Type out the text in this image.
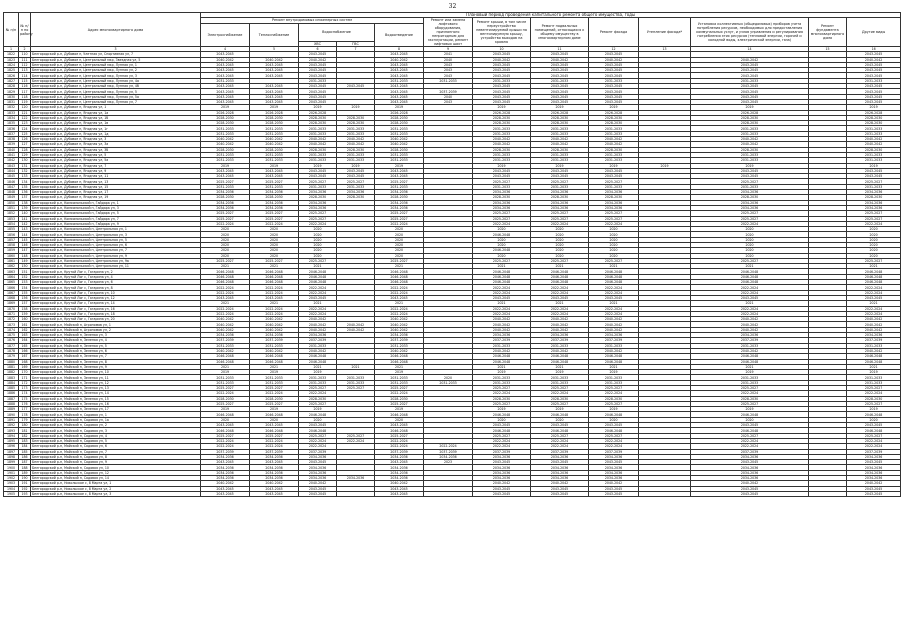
32
№ п/п	№ п/п по району	Адрес многоквартирного дома	Плановый период проведения капитального ремонта общего имущества, годы												
			Ремонт внутридомовых инженерных систем					Ремонт или замена лифтового оборудования, признанного непригодным для эксплуатации, ремонт лифтовых шахт	Ремонт крыши, в том числе переустройство невентилируемой крыши на вентилируемую крышу, устройство выходов на кровлю	Ремонт подвальных помещений, относящихся к общему имуществу в многоквартирном доме	Ремонт фасада	Утепление фасада*	Установка коллективных (общедомовых) приборов учета потребления ресурсов, необходимых для предоставления коммунальных услуг, и узлов управления и регулирования потребления этих ресурсов (тепловой энергии, горячей и холодной воды, электрической энергии, газа)	Ремонт фундамента многоквартирного дома	Другие виды
			Электроснабжение	Теплоснабжение	Водоснабжение		Водоотведение								
					ХВС	ГВС									
1	2	3	4	5	6	7	8	9	10	11	12	13	14	15	16
1822	110	Белгородский р-н, Дубовое п, Улетная ул, Спортивная ул, 7	2043-2045		2043-2045		2043-2045	2041	2043-2045	2043-2045	2043-2045				2043-2045
1823	111	Белгородский р-н, Дубовое п, Центральный мкр, Звездная ул, 5	2040-2042	2040-2042	2040-2042		2040-2042	2040	2040-2042	2040-2042	2040-2042		2040-2042		2040-2042
1824	112	Белгородский р-н, Дубовое п, Центральный мкр, Лунная ул, 1	2043-2045	2043-2045	2043-2045		2043-2045	2043	2043-2045	2043-2045	2043-2045		2043-2045		2043-2045
1825	113	Белгородский р-н, Дубовое п, Центральный мкр, Лунная ул, 2	2043-2045	2043-2045	2043-2045		2043-2045	2043	2043-2045	2043-2045	2043-2045		2043-2045		2043-2045
1826	114	Белгородский р-н, Дубовое п, Центральный мкр, Лунная ул, 3	2043-2045	2043-2045	2043-2045		2043-2045	2043	2043-2045	2043-2045	2043-2045		2043-2045		2043-2045
1827	115	Белгородский р-н, Дубовое п, Центральный мкр, Лунная ул, 4а	2031-2033		2031-2033		2031-2033	2031-2033	2031-2033	2031-2033	2031-2033		2031-2033		2031-2033
1828	116	Белгородский р-н, Дубовое п, Центральный мкр, Лунная ул, 4б	2043-2045	2043-2045	2043-2045	2043-2045	2043-2045		2043-2045	2043-2045	2043-2045		2043-2045		2043-2045
1829	117	Белгородский р-н, Дубовое п, Центральный мкр, Лунная ул, 5	2043-2045	2043-2045	2043-2045		2043-2045	2037-2039	2043-2045	2043-2045	2043-2045		2043-2045		2043-2045
1830	118	Белгородский р-н, Дубовое п, Центральный мкр, Лунная ул, 5а	2043-2045	2043-2045	2043-2045		2043-2045	2040	2043-2045	2043-2045	2043-2045		2043-2045		2043-2045
1831	119	Белгородский р-н, Дубовое п, Центральный мкр, Лунная ул, 7	2043-2045	2043-2045	2043-2045		2043-2045	2043	2043-2045	2043-2045	2043-2045		2043-2045		2043-2045
1832	120	Белгородский р-н, Дубовое п, Ягодная ул, 1	2019	2019	2019	2019	2019		2019	2019	2019		2019		2019
1833	121	Белгородский р-н, Дубовое п, Ягодная ул, 1а	2026-2028	2026-2028	2026-2028		2026-2028		2026-2028	2026-2028	2026-2028		2026-2028		2026-2028
1834	122	Белгородский р-н, Дубовое п, Ягодная ул, 1б	2028-2030	2028-2030	2028-2030	2028-2030	2028-2030		2028-2030	2028-2030	2028-2030		2028-2030		2028-2030
1835	123	Белгородский р-н, Дубовое п, Ягодная ул, 1в	2028-2030	2028-2030	2028-2030	2028-2030	2028-2030		2028-2030	2028-2030	2028-2030		2028-2030		2028-2030
1836	124	Белгородский р-н, Дубовое п, Ягодная ул, 1г	2031-2033	2031-2033	2031-2033	2031-2033	2031-2033		2031-2033	2031-2033	2031-2033		2031-2033		2031-2033
1837	125	Белгородский р-н, Дубовое п, Ягодная ул, 1д	2031-2033	2031-2033	2031-2033	2031-2033	2031-2033		2031-2033	2031-2033	2031-2033		2031-2033		2031-2033
1838	126	Белгородский р-н, Дубовое п, Ягодная ул, 3	2040-2042	2040-2042	2040-2042	2040-2042	2040-2042		2040-2042	2040-2042	2040-2042		2040-2042		2040-2042
1839	127	Белгородский р-н, Дубовое п, Ягодная ул, 3а	2040-2042	2040-2042	2040-2042	2040-2042	2040-2042		2040-2042	2040-2042	2040-2042		2040-2042		2040-2042
1840	128	Белгородский р-н, Дубовое п, Ягодная ул, 3б	2028-2030	2028-2030	2028-2030	2028-2030	2028-2030		2028-2030	2028-2030	2028-2030		2028-2030		2028-2030
1841	129	Белгородский р-н, Дубовое п, Ягодная ул, 5	2031-2033	2031-2033	2031-2033	2031-2033	2031-2033		2031-2033	2031-2033	2031-2033		2031-2033		2031-2033
1842	130	Белгородский р-н, Дубовое п, Ягодная ул, 5а	2031-2033	2031-2033	2031-2033	2031-2033	2031-2033		2031-2033	2031-2033	2031-2033		2031-2033		2031-2033
1843	131	Белгородский р-н, Дубовое п, Ягодная ул, 7	2019	2019	2019	2019	2019		2019	2019	2019	2019	2019		2019
1844	132	Белгородский р-н, Дубовое п, Ягодная ул, 9	2043-2045	2043-2045	2043-2045	2043-2045	2043-2045		2043-2045	2043-2045	2043-2045		2043-2045		2043-2045
1845	133	Белгородский р-н, Дубовое п, Ягодная ул, 11	2043-2045	2043-2045	2043-2045	2043-2045	2043-2045		2043-2045	2043-2045	2043-2045		2043-2045		2043-2045
1846	134	Белгородский р-н, Дубовое п, Ягодная ул, 13	2025-2027	2025-2027	2025-2027	2025-2027	2025-2027		2025-2027	2025-2027	2025-2027		2025-2027		2025-2027
1847	135	Белгородский р-н, Дубовое п, Ягодная ул, 15	2031-2033	2031-2033	2031-2033	2031-2033	2031-2033		2031-2033	2031-2033	2031-2033		2031-2033		2031-2033
1848	136	Белгородский р-н, Дубовое п, Ягодная ул, 17	2034-2036	2034-2036	2034-2036	2034-2036	2034-2036		2034-2036	2034-2036	2034-2036		2034-2036		2034-2036
1849	137	Белгородский р-н, Дубовое п, Ягодная ул, 19	2028-2030	2028-2030	2028-2030	2028-2030	2028-2030		2028-2030	2028-2030	2028-2030		2028-2030		2028-2030
1850	138	Белгородский р-н, Комсомольский п, Гайдара ул, 1	2034-2036	2034-2036	2034-2036		2034-2036		2034-2036	2034-2036	2034-2036		2034-2036		2034-2036
1851	139	Белгородский р-н, Комсомольский п, Гайдара ул, 3	2034-2036	2034-2036	2034-2036		2034-2036		2034-2036	2034-2036	2034-2036		2034-2036		2034-2036
1852	140	Белгородский р-н, Комсомольский п, Гайдара ул, 5	2025-2027	2025-2027	2025-2027		2025-2027		2025-2027	2025-2027	2025-2027		2025-2027		2025-2027
1853	141	Белгородский р-н, Комсомольский п, Гайдара ул, 7	2025-2027	2025-2027	2025-2027		2025-2027		2025-2027	2025-2027	2025-2027		2025-2027		2025-2027
1854	142	Белгородский р-н, Комсомольский п, Гайдара ул, 9	2022-2024	2022-2024	2022-2024		2022-2024		2022-2024	2022-2024	2022-2024		2022-2024		2022-2024
1855	143	Белгородский р-н, Комсомольский п, Центральная ул, 1	2020	2020	2020		2020		2020	2020	2020		2020		2020
1856	144	Белгородский р-н, Комсомольский п, Центральная ул, 3	2020	2020	2020		2020		2046-2048	2020	2020		2020		2020
1857	145	Белгородский р-н, Комсомольский п, Центральная ул, 5	2020	2020	2020		2020		2020	2020	2020		2020		2020
1858	146	Белгородский р-н, Комсомольский п, Центральная ул, 6	2020	2020	2020		2020		2020	2020	2020		2020		2020
1859	147	Белгородский р-н, Комсомольский п, Центральная ул, 7	2020	2020	2020		2020		2046-2048	2020	2020		2020		2020
1860	148	Белгородский р-н, Комсомольский п, Центральная ул, 9	2020	2020	2020		2020		2020	2020	2020		2020		2020
1861	149	Белгородский р-н, Комсомольский п, Центральная ул, 9а	2025-2027	2025-2027	2025-2027		2025-2027		2025-2027	2025-2027	2025-2027		2025-2027		2025-2027
1862	150	Белгородский р-н, Комсомольский п, Центральная ул, 11	2021	2021	2021		2021		2021	2021	2021		2021		2021
1863	151	Белгородский р-н, Крутой Лог с, Гагарина ул, 2	2046-2048	2046-2048	2046-2048		2046-2048		2046-2048	2046-2048	2046-2048		2046-2048		2046-2048
1864	152	Белгородский р-н, Крутой Лог с, Гагарина ул, 4	2046-2048	2046-2048	2046-2048		2046-2048		2046-2048	2046-2048	2046-2048		2046-2048		2046-2048
1865	153	Белгородский р-н, Крутой Лог с, Гагарина ул, 6	2046-2048	2046-2048	2046-2048		2046-2048		2046-2048	2046-2048	2046-2048		2046-2048		2046-2048
1866	154	Белгородский р-н, Крутой Лог с, Гагарина ул, 8	2022-2024	2022-2024	2022-2024		2022-2024		2022-2024	2022-2024	2022-2024		2022-2024		2022-2024
1867	155	Белгородский р-н, Крутой Лог с, Гагарина ул, 10	2022-2024	2022-2024	2022-2024		2022-2024		2022-2024	2022-2024	2022-2024		2022-2024		2022-2024
1868	156	Белгородский р-н, Крутой Лог с, Гагарина ул, 12	2043-2045	2043-2045	2043-2045		2043-2045		2043-2045	2043-2045	2043-2045		2043-2045		2043-2045
1869	157	Белгородский р-н, Крутой Лог с, Гагарина ул, 14	2021	2021	2021		2021		2021	2021	2021		2021		2021
1870	158	Белгородский р-н, Крутой Лог с, Гагарина ул, 16	2022-2024	2022-2024	2022-2024		2022-2024		2022-2024	2022-2024	2022-2024		2022-2024		2022-2024
1871	159	Белгородский р-н, Крутой Лог с, Гагарина ул, 18	2022-2024	2022-2024	2022-2024		2022-2024		2022-2024	2022-2024	2022-2024		2022-2024		2022-2024
1872	160	Белгородский р-н, Крутой Лог с, Гагарина ул, 20	2040-2042	2040-2042	2040-2042		2040-2042		2040-2042	2040-2042	2040-2042		2040-2042		2040-2042
1873	161	Белгородский р-н, Майский п, Агрономов ул, 1	2040-2042	2040-2042	2040-2042	2040-2042	2040-2042		2040-2042	2040-2042	2040-2042		2040-2042		2040-2042
1874	162	Белгородский р-н, Майский п, Агрономов ул, 2	2040-2042	2040-2042	2040-2042	2040-2042	2040-2042		2040-2042	2040-2042	2040-2042		2040-2042		2040-2042
1875	163	Белгородский р-н, Майский п, Зеленая ул, 3	2034-2036	2034-2036	2034-2036		2034-2036		2034-2036	2034-2036	2034-2036		2034-2036		2034-2036
1876	164	Белгородский р-н, Майский п, Зеленая ул, 4	2037-2039	2037-2039	2037-2039		2037-2039		2037-2039	2037-2039	2037-2039		2037-2039		2037-2039
1877	165	Белгородский р-н, Майский п, Зеленая ул, 5	2031-2033	2031-2033	2031-2033		2031-2033		2031-2033	2031-2033	2031-2033		2031-2033		2031-2033
1878	166	Белгородский р-н, Майский п, Зеленая ул, 6	2040-2042	2040-2042	2040-2042		2040-2042		2040-2042	2040-2042	2040-2042		2040-2042		2040-2042
1879	167	Белгородский р-н, Майский п, Зеленая ул, 7	2046-2048	2046-2048	2046-2048		2046-2048		2046-2048	2046-2048	2046-2048		2046-2048		2046-2048
1880	168	Белгородский р-н, Майский п, Зеленая ул, 8	2046-2048	2046-2048	2046-2048		2046-2048		2046-2048	2046-2048	2046-2048		2046-2048		2046-2048
1881	169	Белгородский р-н, Майский п, Зеленая ул, 9	2021	2021	2021	2021	2021		2021	2021	2021		2021		2021
1882	170	Белгородский р-н, Майский п, Зеленая ул, 10	2019	2019	2019		2019		2019	2019	2019		2019		2019
1883	171	Белгородский р-н, Майский п, Зеленая ул, 11	2031-2033	2031-2033	2031-2033	2031-2033	2031-2033	2020	2031-2033	2031-2033	2031-2033		2031-2033		2031-2033
1884	172	Белгородский р-н, Майский п, Зеленая ул, 12	2031-2033	2031-2033	2031-2033	2031-2033	2031-2033	2031-2033	2031-2033	2031-2033	2031-2033		2031-2033		2031-2033
1885	173	Белгородский р-н, Майский п, Зеленая ул, 13	2025-2027	2025-2027	2025-2027	2025-2027	2025-2027		2025-2027	2025-2027	2025-2027		2025-2027		2025-2027
1886	174	Белгородский р-н, Майский п, Зеленая ул, 14	2022-2024	2022-2024	2022-2024		2022-2024		2022-2024	2022-2024	2022-2024		2022-2024		2022-2024
1887	175	Белгородский р-н, Майский п, Зеленая ул, 15	2028-2030	2028-2030	2028-2030		2028-2030		2028-2030	2028-2030	2028-2030		2028-2030		2028-2030
1888	176	Белгородский р-н, Майский п, Зеленая ул, 16	2025-2027	2025-2027	2025-2027		2025-2027		2025-2027	2025-2027	2025-2027		2025-2027		2025-2027
1889	177	Белгородский р-н, Майский п, Зеленая ул, 17	2019	2019	2019		2019		2019	2019	2019		2019		2019
1890	178	Белгородский р-н, Майский п, Садовая ул, 1	2046-2048	2046-2048	2046-2048		2046-2048		2046-2048	2046-2048	2046-2048		2046-2048		2046-2048
1891	179	Белгородский р-н, Майский п, Садовая ул, 1а	2020	2020	2020		2020		2020	2020	2020		2020		2020
1892	180	Белгородский р-н, Майский п, Садовая ул, 2	2043-2045	2043-2045	2043-2045		2043-2045		2043-2045	2043-2045	2043-2045		2043-2045		2043-2045
1893	181	Белгородский р-н, Майский п, Садовая ул, 3	2046-2048	2046-2048	2046-2048		2046-2048		2046-2048	2046-2048	2046-2048		2046-2048		2046-2048
1894	182	Белгородский р-н, Майский п, Садовая ул, 4	2025-2027	2025-2027	2025-2027	2025-2027	2025-2027		2025-2027	2025-2027	2025-2027		2025-2027		2025-2027
1895	183	Белгородский р-н, Майский п, Садовая ул, 5	2022-2024	2022-2024	2022-2024	2022-2024	2022-2024		2022-2024	2022-2024	2022-2024		2022-2024		2022-2024
1896	184	Белгородский р-н, Майский п, Садовая ул, 6	2022-2024	2022-2024	2022-2024		2022-2024	2022-2024	2022-2024	2022-2024	2022-2024		2022-2024		2022-2024
1897	185	Белгородский р-н, Майский п, Садовая ул, 7	2037-2039	2037-2039	2037-2039		2037-2039	2037-2039	2037-2039	2037-2039	2037-2039		2037-2039		2037-2039
1898	186	Белгородский р-н, Майский п, Садовая ул, 8	2034-2036	2034-2036	2034-2036		2034-2036	2034-2036	2034-2036	2034-2036	2034-2036		2034-2036		2034-2036
1899	187	Белгородский р-н, Майский п, Садовая ул, 9	2043-2045	2043-2045	2043-2045		2043-2045	2023	2043-2045	2043-2045	2043-2045		2043-2045		2043-2045
1900	188	Белгородский р-н, Майский п, Садовая ул, 10	2034-2036	2034-2036	2034-2036		2034-2036		2034-2036	2034-2036	2034-2036		2034-2036		2034-2036
1901	189	Белгородский р-н, Майский п, Садовая ул, 12	2034-2036	2034-2036	2034-2036		2034-2036		2034-2036	2034-2036	2034-2036		2034-2036		2034-2036
1902	190	Белгородский р-н, Майский п, Садовая ул, 14	2034-2036	2034-2036	2034-2036	2034-2036	2034-2036		2034-2036	2034-2036	2034-2036		2034-2036		2034-2036
1903	191	Белгородский р-н, Никольское с, 8 Марта ул, 1	2040-2042	2040-2042	2040-2042		2040-2042		2040-2042	2040-2042	2040-2042		2040-2042		2040-2042
1904	192	Белгородский р-н, Никольское с, 8 Марта ул, 2	2043-2045	2043-2045	2043-2045		2043-2045		2043-2045	2043-2045	2043-2045		2043-2045		2043-2045
1905	193	Белгородский р-н, Никольское с, 8 Марта ул, 3	2043-2045	2043-2045	2043-2045		2043-2045		2043-2045	2043-2045	2043-2045		2043-2045		2043-2045
